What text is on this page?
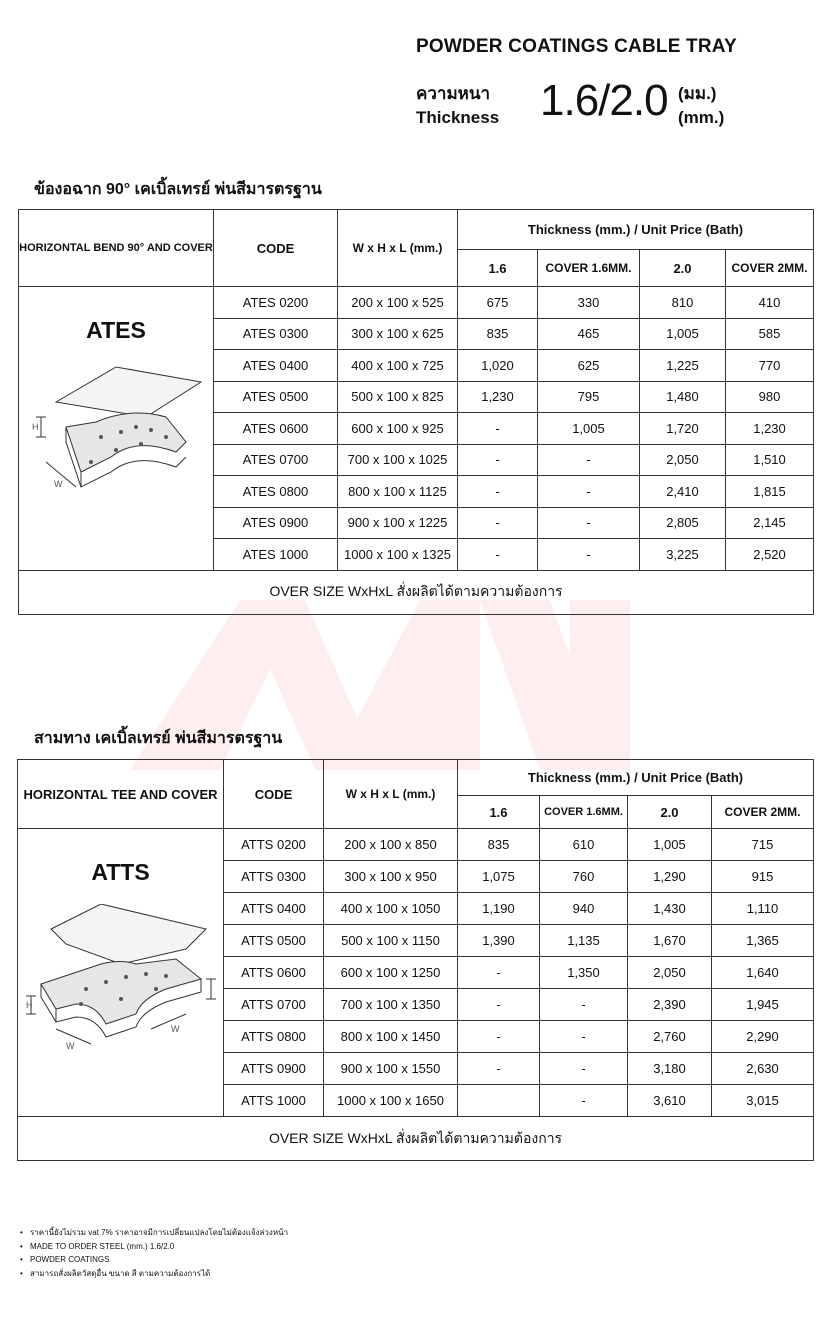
POWDER COATINGS CABLE TRAY
ความหนา
Thickness 1.6/2.0 (มม.)
(mm.)
ข้องอฉาก 90° เคเบิ้ลเทรย์ พ่นสีมารตรฐาน
HORIZONTAL BEND 90° AND COVER	CODE	W x H x L (mm.)	Thickness (mm.) / Unit Price (Bath)			
			1.6	COVER 1.6MM.	2.0	COVER 2MM.

ATES
H
W	ATES 0200	200 x 100 x 525	675	330	810	410
	ATES 0300	300 x 100 x 625	835	465	1,005	585
	ATES 0400	400 x 100 x 725	1,020	625	1,225	770
	ATES 0500	500 x 100 x 825	1,230	795	1,480	980
	ATES 0600	600 x 100 x 925	-	1,005	1,720	1,230
	ATES 0700	700 x 100 x 1025	-	-	2,050	1,510
	ATES 0800	800 x 100 x 1125	-	-	2,410	1,815
	ATES 0900	900 x 100 x 1225	-	-	2,805	2,145
	ATES 1000	1000 x 100 x 1325	-	-	3,225	2,520
OVER SIZE WxHxL สั่งผลิตได้ตามความต้องการ						
สามทาง เคเบิ้ลเทรย์ พ่นสีมารตรฐาน
HORIZONTAL TEE AND COVER	CODE	W x H x L (mm.)	Thickness (mm.) / Unit Price (Bath)			
			1.6	COVER 1.6MM.	2.0	COVER 2MM.

ATTS
H
W
W	ATTS 0200	200 x 100 x 850	835	610	1,005	715
	ATTS 0300	300 x 100 x 950	1,075	760	1,290	915
	ATTS 0400	400 x 100 x 1050	1,190	940	1,430	1,110
	ATTS 0500	500 x 100 x 1150	1,390	1,135	1,670	1,365
	ATTS 0600	600 x 100 x 1250	-	1,350	2,050	1,640
	ATTS 0700	700 x 100 x 1350	-	-	2,390	1,945
	ATTS 0800	800 x 100 x 1450	-	-	2,760	2,290
	ATTS 0900	900 x 100 x 1550	-	-	3,180	2,630
	ATTS 1000	1000 x 100 x 1650		-	3,610	3,015
OVER SIZE WxHxL สั่งผลิตได้ตามความต้องการ						
• ราคานี้ยังไม่รวม vat 7% ราคาอาจมีการเปลี่ยนแปลงโดยไม่ต้องแจ้งล่วงหน้า
• MADE TO ORDER STEEL (mm.) 1.6/2.0
• POWDER COATINGS
• สามารถสั่งผลิตวัสดุอื่น ขนาด สี ตามความต้องการได้
